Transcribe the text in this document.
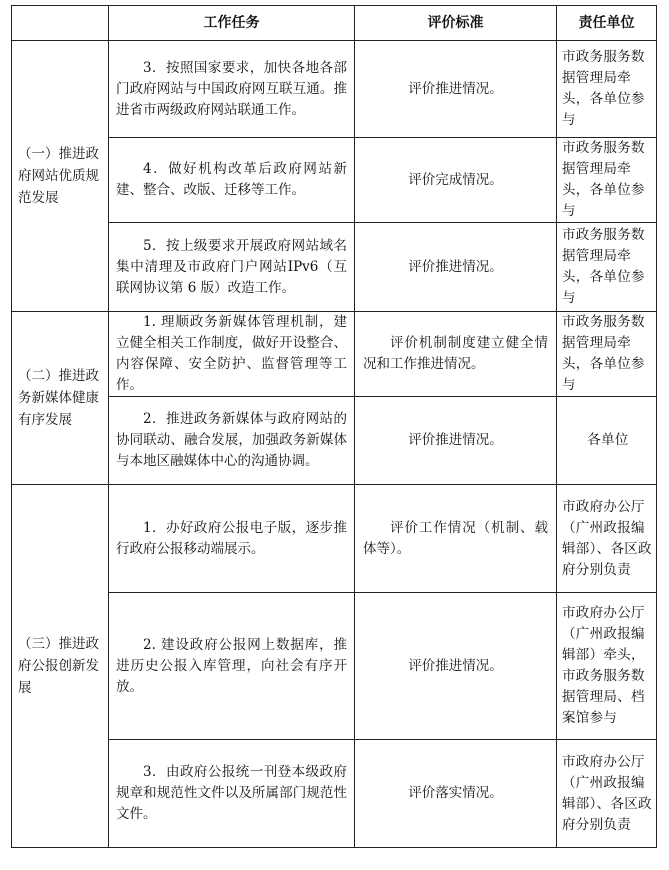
	工作任务	评价标准	责任单位
（一）推进政府网站优质规范发展	3．按照国家要求，加快各地各部门政府网站与中国政府网互联互通。推进省市两级政府网站联通工作。	评价推进情况。	市政务服务数据管理局牵头，各单位参与
	4．做好机构改革后政府网站新建、整合、改版、迁移等工作。	评价完成情况。	市政务服务数据管理局牵头，各单位参与
	5．按上级要求开展政府网站域名集中清理及市政府门户网站IPv6（互联网协议第 6 版）改造工作。	评价推进情况。	市政务服务数据管理局牵头，各单位参与
（二）推进政务新媒体健康有序发展	1. 理顺政务新媒体管理机制，建立健全相关工作制度，做好开设整合、内容保障、安全防护、监督管理等工作。	评价机制制度建立健全情况和工作推进情况。	市政务服务数据管理局牵头，各单位参与
	2．推进政务新媒体与政府网站的协同联动、融合发展，加强政务新媒体与本地区融媒体中心的沟通协调。	评价推进情况。	各单位
（三）推进政府公报创新发展	1．办好政府公报电子版，逐步推行政府公报移动端展示。	评价工作情况（机制、载体等）。	市政府办公厅（广州政报编辑部）、各区政府分别负责
	2. 建设政府公报网上数据库，推进历史公报入库管理，向社会有序开放。	评价推进情况。	市政府办公厅（广州政报编辑部）牵头，市政务服务数据管理局、档案馆参与
	3．由政府公报统一刊登本级政府规章和规范性文件以及所属部门规范性文件。	评价落实情况。	市政府办公厅（广州政报编辑部）、各区政府分别负责
